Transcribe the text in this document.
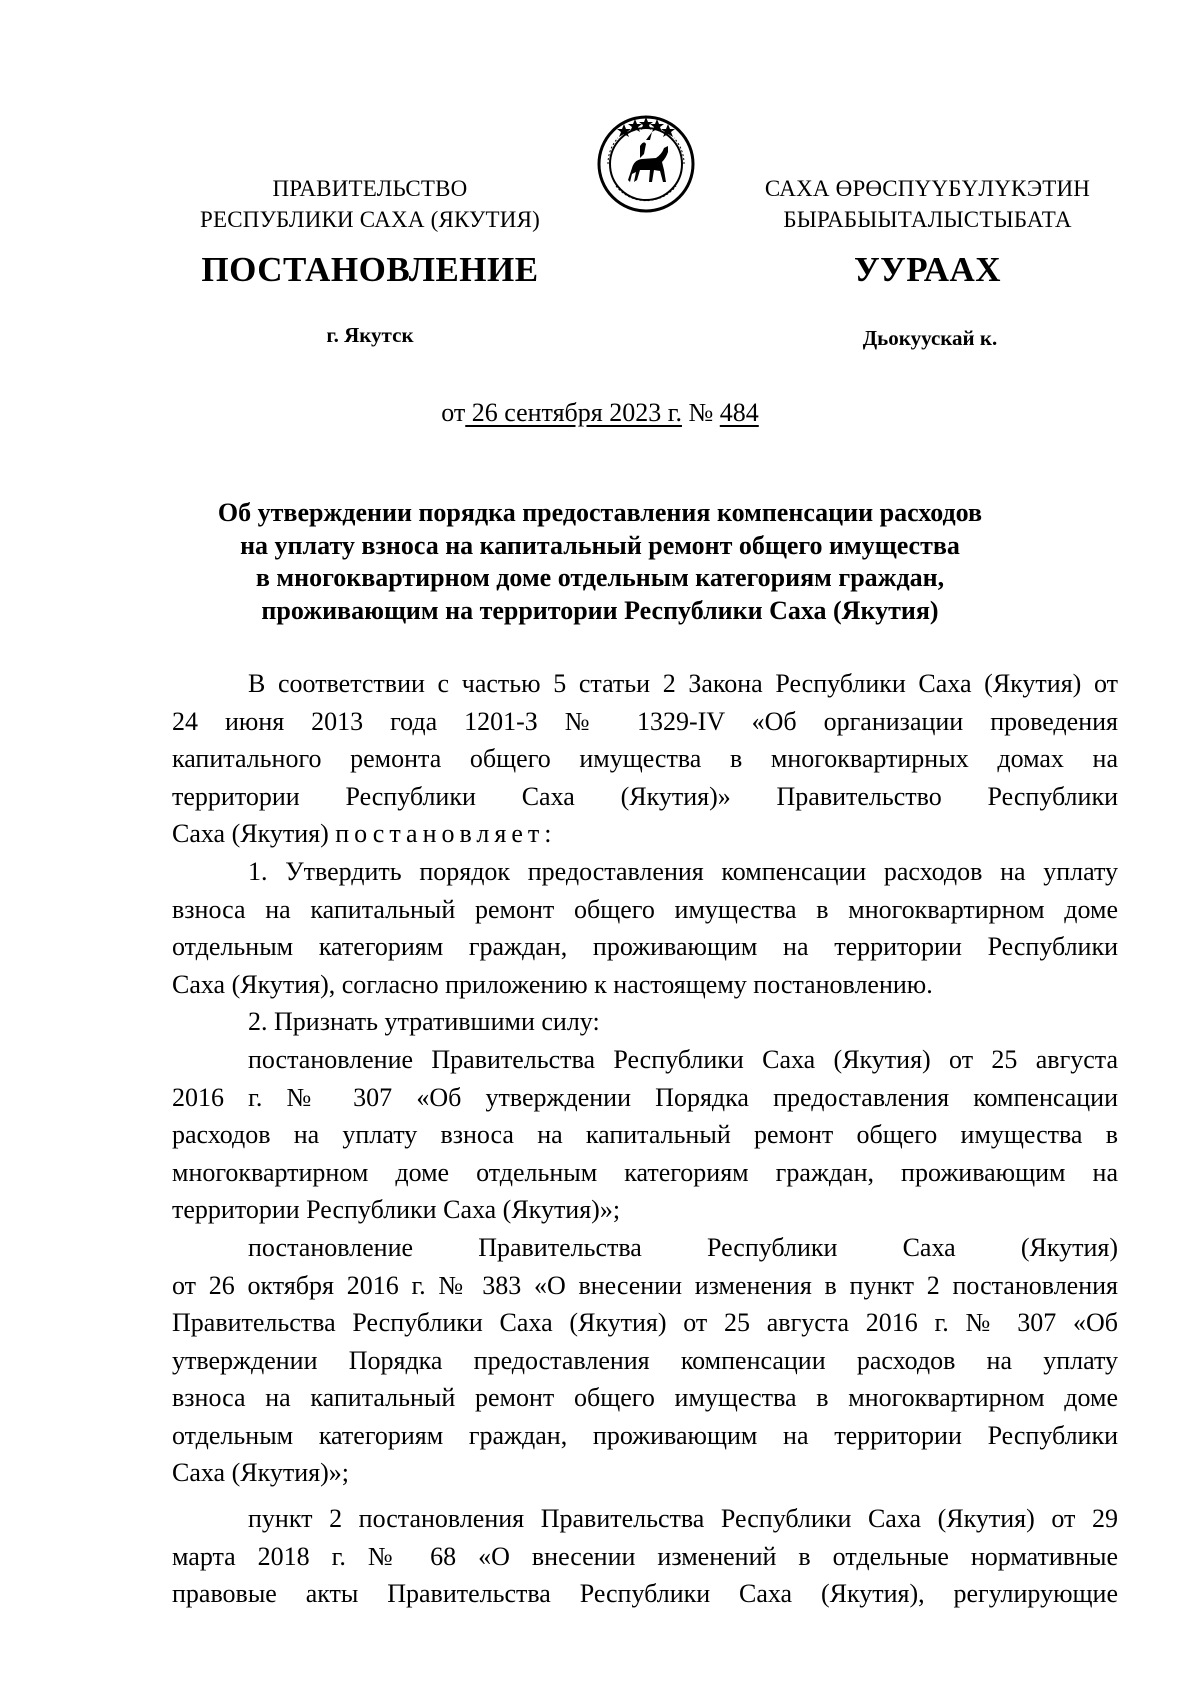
ПРАВИТЕЛЬСТВО
РЕСПУБЛИКИ САХА (ЯКУТИЯ)
САХА ӨРӨСПҮҮБҮЛҮКЭТИН
БЫРАБЫЫТАЛЫСТЫБАТА
ПОСТАНОВЛЕНИЕ	УУРААХ
г. Якутск	Дьокуускай к.
от 26 сентября 2023 г. № 484
Об утверждении порядка предоставления компенсации расходов
на уплату взноса на капитальный ремонт общего имущества
в многоквартирном доме отдельным категориям граждан,
проживающим на территории Республики Саха (Якутия)
В соответствии с частью 5 статьи 2 Закона Республики Саха (Якутия) от
24 июня 2013 года 1201-З № 1329-IV «Об организации проведения
капитального ремонта общего имущества в многоквартирных домах на
территории Республики Саха (Якутия)» Правительство Республики
Саха (Якутия) постановляет:
1. Утвердить порядок предоставления компенсации расходов на уплату
взноса на капитальный ремонт общего имущества в многоквартирном доме
отдельным категориям граждан, проживающим на территории Республики
Саха (Якутия), согласно приложению к настоящему постановлению.
2. Признать утратившими силу:
постановление Правительства Республики Саха (Якутия) от 25 августа
2016 г. № 307 «Об утверждении Порядка предоставления компенсации
расходов на уплату взноса на капитальный ремонт общего имущества в
многоквартирном доме отдельным категориям граждан, проживающим на
территории Республики Саха (Якутия)»;
постановление Правительства Республики Саха (Якутия)
от 26 октября 2016 г. № 383 «О внесении изменения в пункт 2 постановления
Правительства Республики Саха (Якутия) от 25 августа 2016 г. № 307 «Об
утверждении Порядка предоставления компенсации расходов на уплату
взноса на капитальный ремонт общего имущества в многоквартирном доме
отдельным категориям граждан, проживающим на территории Республики
Саха (Якутия)»;
пункт 2 постановления Правительства Республики Саха (Якутия) от 29
марта 2018 г. № 68 «О внесении изменений в отдельные нормативные
правовые акты Правительства Республики Саха (Якутия), регулирующие
